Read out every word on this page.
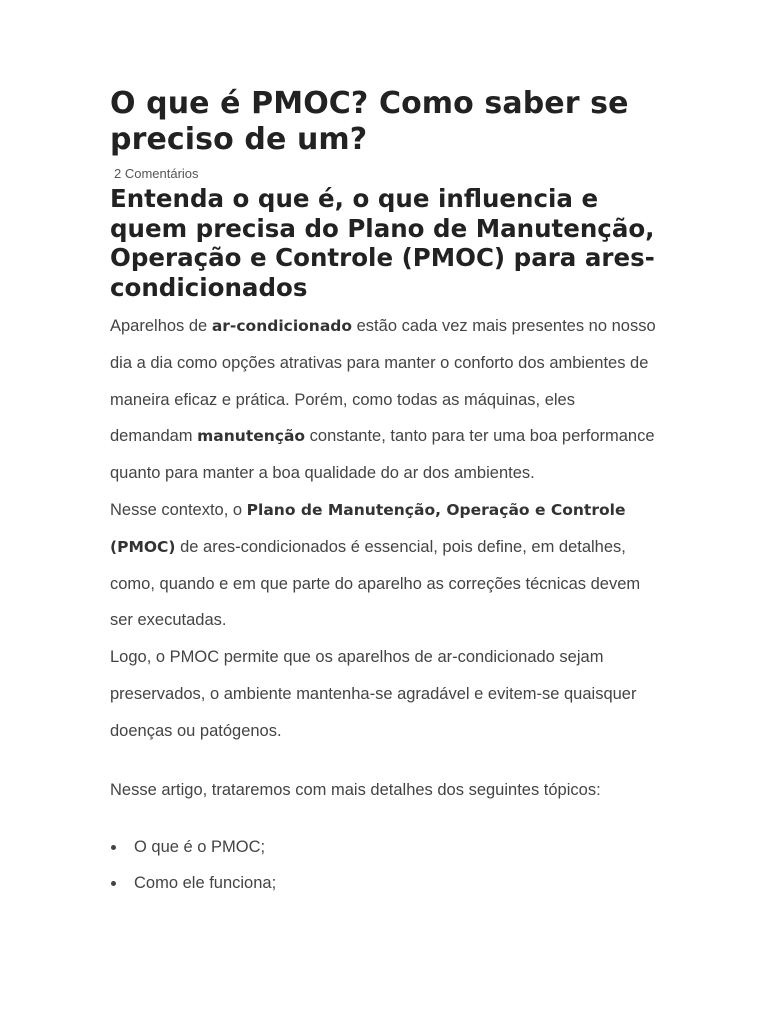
O que é PMOC? Como saber se preciso de um?
2 Comentários
Entenda o que é, o que influencia e quem precisa do Plano de Manutenção, Operação e Controle (PMOC) para ares-condicionados

Aparelhos de ar-condicionado estão cada vez mais presentes no nosso dia a dia como opções atrativas para manter o conforto dos ambientes de maneira eficaz e prática. Porém, como todas as máquinas, eles demandam manutenção constante, tanto para ter uma boa performance quanto para manter a boa qualidade do ar dos ambientes.

Nesse contexto, o Plano de Manutenção, Operação e Controle (PMOC) de ares-condicionados é essencial, pois define, em detalhes, como, quando e em que parte do aparelho as correções técnicas devem ser executadas.

Logo, o PMOC permite que os aparelhos de ar-condicionado sejam preservados, o ambiente mantenha-se agradável e evitem-se quaisquer doenças ou patógenos.

Nesse artigo, trataremos com mais detalhes dos seguintes tópicos:

O que é o PMOC;
Como ele funciona;
